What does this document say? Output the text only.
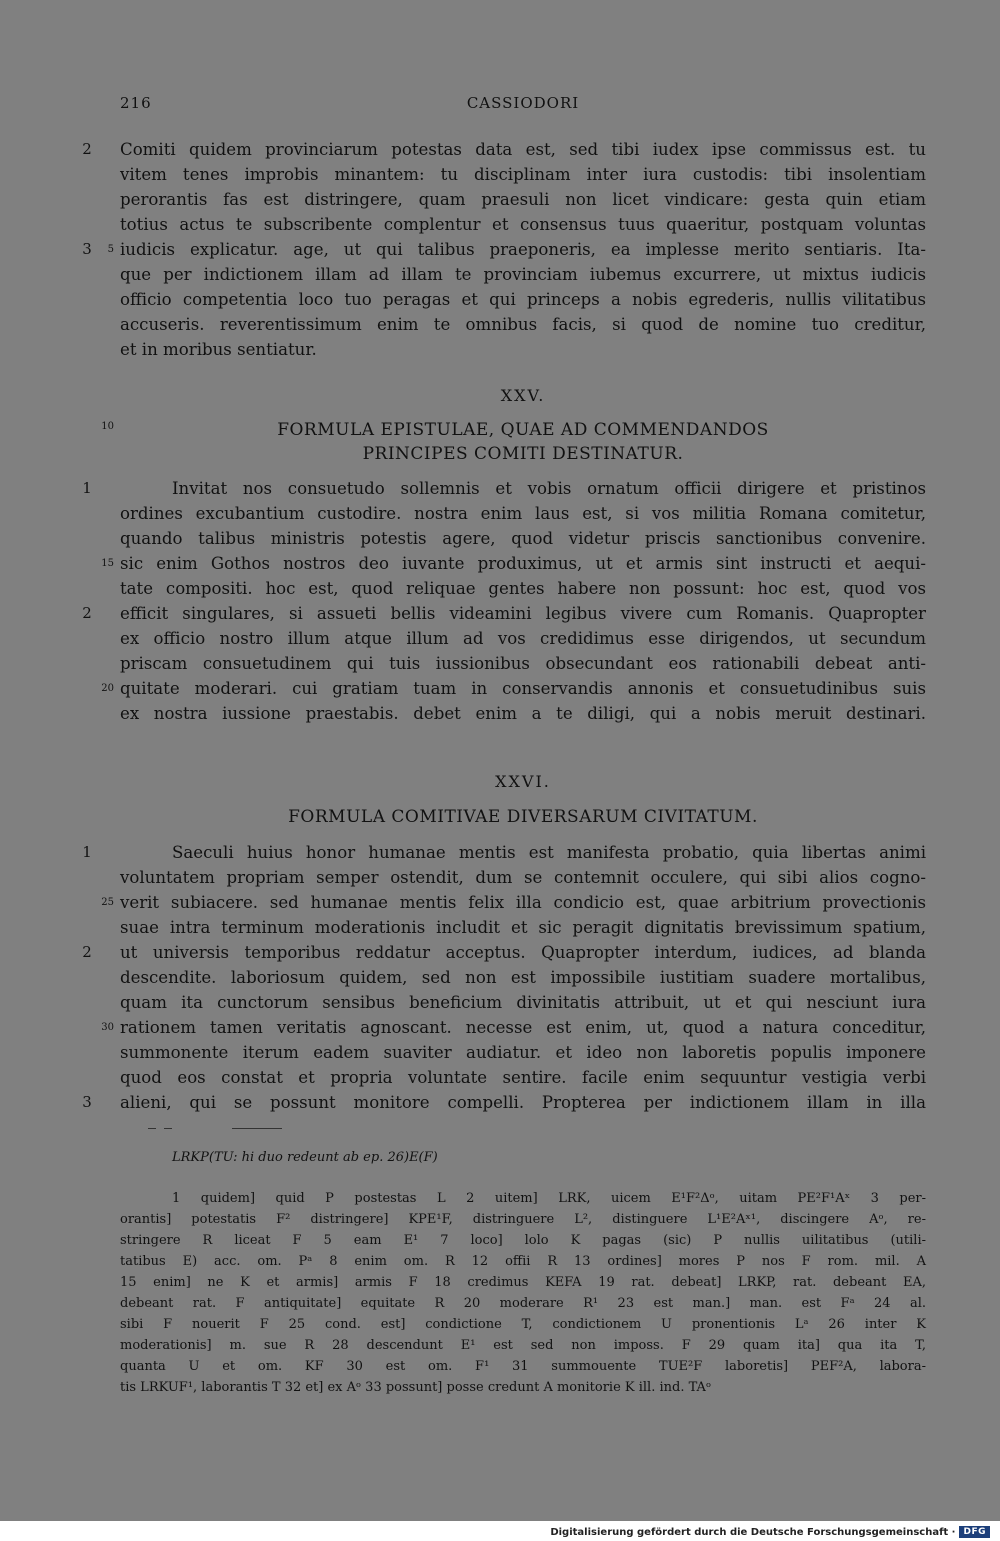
216	CASSIODORI
2 Comiti quidem provinciarum potestas data est, sed tibi iudex ipse commissus est. tu
vitem tenes improbis minantem: tu disciplinam inter iura custodis: tibi insolentiam
perorantis fas est distringere, quam praesuli non licet vindicare: gesta quin etiam
totius actus te subscribente complentur et consensus tuus quaeritur, postquam voluntas
3	5 iudicis explicatur. age, ut qui talibus praeponeris, ea implesse merito sentiaris. Ita-
que per indictionem illam ad illam te provinciam iubemus excurrere, ut mixtus iudicis
officio competentia loco tuo peragas et qui princeps a nobis egrederis, nullis vilitatibus
accuseris. reverentissimum enim te omnibus facis, si quod de nomine tuo creditur,
et in moribus sentiatur.
XXV.
10	FORMULA EPISTULAE, QUAE AD COMMENDANDOS
PRINCIPES COMITI DESTINATUR.
1	Invitat nos consuetudo sollemnis et vobis ornatum officii dirigere et pristinos
ordines excubantium custodire. nostra enim laus est, si vos militia Romana comitetur,
quando talibus ministris potestis agere, quod videtur priscis sanctionibus convenire.
15 sic enim Gothos nostros deo iuvante produximus, ut et armis sint instructi et aequi-
tate compositi. hoc est, quod reliquae gentes habere non possunt: hoc est, quod vos
2 efficit singulares, si assueti bellis videamini legibus vivere cum Romanis. Quapropter
ex officio nostro illum atque illum ad vos credidimus esse dirigendos, ut secundum
priscam consuetudinem qui tuis iussionibus obsecundant eos rationabili debeat anti-
20 quitate moderari. cui gratiam tuam in conservandis annonis et consuetudinibus suis
ex nostra iussione praestabis. debet enim a te diligi, qui a nobis meruit destinari.
XXVI.
FORMULA COMITIVAE DIVERSARUM CIVITATUM.
1	Saeculi huius honor humanae mentis est manifesta probatio, quia libertas animi
voluntatem propriam semper ostendit, dum se contemnit occulere, qui sibi alios cogno-
25 verit subiacere. sed humanae mentis felix illa condicio est, quae arbitrium provectionis
suae intra terminum moderationis includit et sic peragit dignitatis brevissimum spatium,
2 ut universis temporibus reddatur acceptus. Quapropter interdum, iudices, ad blanda
descendite. laboriosum quidem, sed non est impossibile iustitiam suadere mortalibus,
quam ita cunctorum sensibus beneficium divinitatis attribuit, ut et qui nesciunt iura
30 rationem tamen veritatis agnoscant. necesse est enim, ut, quod a natura conceditur,
summonente iterum eadem suaviter audiatur. et ideo non laboretis populis imponere
quod eos constat et propria voluntate sentire. facile enim sequuntur vestigia verbi
3 alieni, qui se possunt monitore compelli. Propterea per indictionem illam in illa
LRKP(TU: hi duo redeunt ab ep. 26)E(F)
1 quidem] quid P postestas L 2 uitem] LRK, uicem E¹F²Δᵒ, uitam PE²F¹Aˣ 3 per-
orantis] potestatis F² distringere] KPE¹F, distringuere L², distinguere L¹E²Aˣ¹, discingere Aᵒ, re-
stringere R liceat F 5 eam E¹ 7 loco] lolo K pagas (sic) P nullis uilitatibus (utili-
tatibus E) acc. om. Pᵃ 8 enim om. R 12 offii R 13 ordines] mores P nos F rom. mil. A
15 enim] ne K et armis] armis F 18 credimus KEFA 19 rat. debeat] LRKP, rat. debeant EA,
debeant rat. F antiquitate] equitate R 20 moderare R¹ 23 est man.] man. est Fᵃ 24 al.
sibi F nouerit F 25 cond. est] condictione T, condictionem U pronentionis Lᵃ 26 inter K
moderationis] m. sue R 28 descendunt E¹ est sed non imposs. F 29 quam ita] qua ita T,
quanta U et om. KF 30 est om. F¹ 31 summouente TUE²F laboretis] PEF²A, labora-
tis LRKUF¹, laborantis T 32 et] ex Aᵒ 33 possunt] posse credunt A monitorie K ill. ind. TAᵒ
Digitalisierung gefördert durch die Deutsche Forschungsgemeinschaft · DFG
